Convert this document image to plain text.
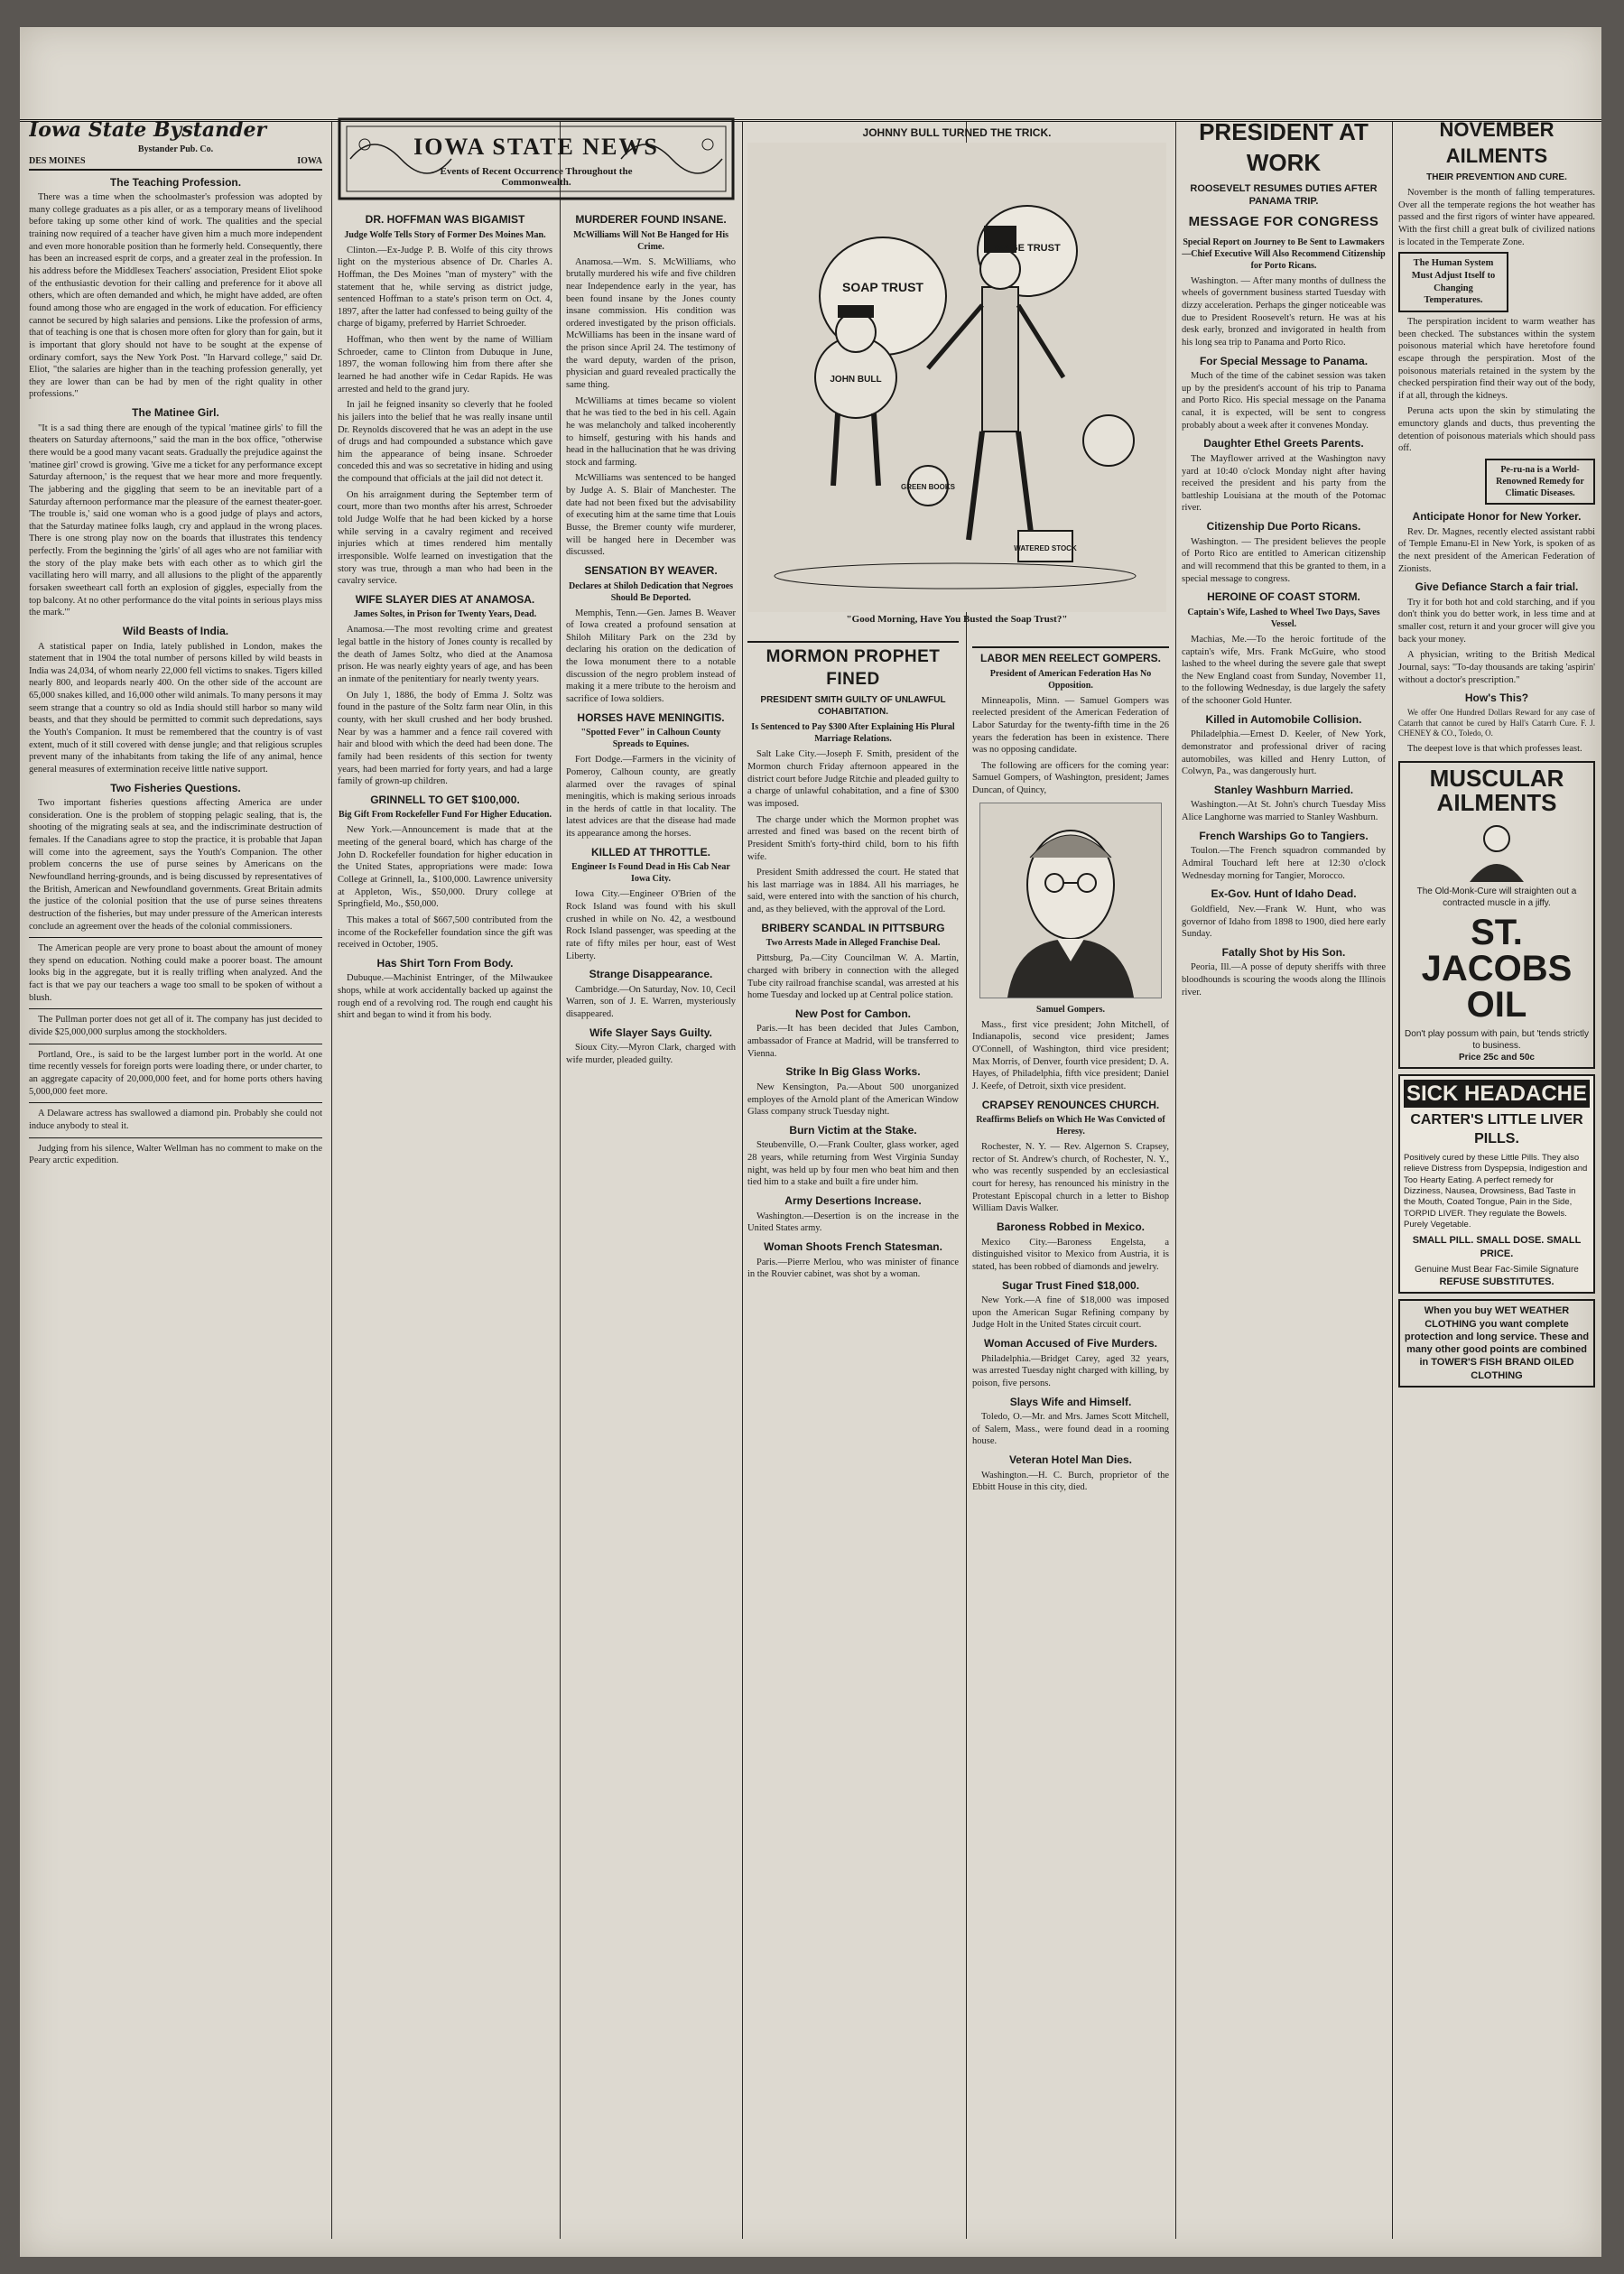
Iowa State Bystander
Bystander Pub. Co.
DES MOINES	IOWA
The Teaching Profession.

There was a time when the schoolmaster's profession was adopted by many college graduates as a pis aller, or as a temporary means of livelihood before taking up some other kind of work. The qualities and the special training now required of a teacher have given him a much more independent and even more honorable position than he formerly held. Consequently, there has been an increased esprit de corps, and a greater zeal in the profession. In his address before the Middlesex Teachers' association, President Eliot spoke of the enthusiastic devotion for their calling and preference for it above all others, which are often demanded and which, he might have added, are often found among those who are engaged in the work of education. For efficiency cannot be secured by high salaries and pensions. Like the profession of arms, that of teaching is one that is chosen more often for glory than for gain, but it is important that glory should not have to be sought at the expense of ordinary comfort, says the New York Post. "In Harvard college," said Dr. Eliot, "the salaries are higher than in the teaching profession generally, yet they are lower than can be had by men of the right quality in other professions."

The Matinee Girl.

"It is a sad thing there are enough of the typical 'matinee girls' to fill the theaters on Saturday afternoons," said the man in the box office, "otherwise there would be a good many vacant seats. Gradually the prejudice against the 'matinee girl' crowd is growing. 'Give me a ticket for any performance except Saturday afternoon,' is the request that we hear more and more frequently. The jabbering and the giggling that seem to be an inevitable part of a Saturday afternoon performance mar the pleasure of the earnest theater-goer. 'The trouble is,' said one woman who is a good judge of plays and actors, that the Saturday matinee folks laugh, cry and applaud in the wrong places. There is one strong play now on the boards that illustrates this tendency perfectly. From the beginning the 'girls' of all ages who are not familiar with the story of the play make bets with each other as to which girl the vacillating hero will marry, and all allusions to the plight of the apparently forsaken sweetheart call forth an explosion of giggles, especially from the top balcony. At no other performance do the vital points in serious plays miss the mark.'"

Wild Beasts of India.

A statistical paper on India, lately published in London, makes the statement that in 1904 the total number of persons killed by wild beasts in India was 24,034, of whom nearly 22,000 fell victims to snakes. Tigers killed nearly 800, and leopards nearly 400. On the other side of the account are 65,000 snakes killed, and 16,000 other wild animals. To many persons it may seem strange that a country so old as India should still harbor so many wild beasts, and that they should be permitted to commit such depredations, says the Youth's Companion. It must be remembered that the country is of vast extent, much of it still covered with dense jungle; and that religious scruples prevent many of the inhabitants from taking the life of any animal, hence general measures of extermination receive little native support.

Two Fisheries Questions.

Two important fisheries questions affecting America are under consideration. One is the problem of stopping pelagic sealing, that is, the shooting of the migrating seals at sea, and the indiscriminate destruction of females. If the Canadians agree to stop the practice, it is probable that Japan will come into the agreement, says the Youth's Companion. The other problem concerns the use of purse seines by Americans on the Newfoundland herring-grounds, and is being discussed by representatives of the British, American and Newfoundland governments. Great Britain admits the justice of the colonial position that the use of purse seines threatens destruction of the fisheries, but may under pressure of the American interests conclude an agreement over the heads of the colonial commissioners.

The American people are very prone to boast about the amount of money they spend on education. Nothing could make a poorer boast. The amount looks big in the aggregate, but it is really trifling when analyzed. And the fact is that we pay our teachers a wage too small to be spoken of without a blush.

The Pullman porter does not get all of it. The company has just decided to divide $25,000,000 surplus among the stockholders.

Portland, Ore., is said to be the largest lumber port in the world. At one time recently vessels for foreign ports were loading there, or under charter, to an aggregate capacity of 20,000,000 feet, and for home ports others having 5,000,000 feet more.

A Delaware actress has swallowed a diamond pin. Probably she could not induce anybody to steal it.

Judging from his silence, Walter Wellman has no comment to make on the Peary arctic expedition.

IOWA STATE NEWS
Events of Recent Occurrence Throughout the Commonwealth.
DR. HOFFMAN WAS BIGAMIST
Judge Wolfe Tells Story of Former Des Moines Man.

Clinton.—Ex-Judge P. B. Wolfe of this city throws light on the mysterious absence of Dr. Charles A. Hoffman, the Des Moines "man of mystery" with the statement that he, while serving as district judge, sentenced Hoffman to a state's prison term on Oct. 4, 1897, after the latter had confessed to being guilty of the charge of bigamy, preferred by Harriet Schroeder.

Hoffman, who then went by the name of William Schroeder, came to Clinton from Dubuque in June, 1897, the woman following him from there after she learned he had another wife in Cedar Rapids. He was arrested and held to the grand jury.

In jail he feigned insanity so cleverly that he fooled his jailers into the belief that he was really insane until Dr. Reynolds discovered that he was an adept in the use of drugs and had compounded a substance which gave him the appearance of being insane. Schroeder conceded this and was so secretative in hiding and using the compound that officials at the jail did not detect it.

On his arraignment during the September term of court, more than two months after his arrest, Schroeder told Judge Wolfe that he had been kicked by a horse while serving in a cavalry regiment and received injuries which at times rendered him mentally irresponsible. Wolfe learned on investigation that the story was true, through a man who had been in the cavalry service.

WIFE SLAYER DIES AT ANAMOSA.
James Soltes, in Prison for Twenty Years, Dead.

Anamosa.—The most revolting crime and greatest legal battle in the history of Jones county is recalled by the death of James Soltz, who died at the Anamosa prison. He was nearly eighty years of age, and has been an inmate of the penitentiary for nearly twenty years.

On July 1, 1886, the body of Emma J. Soltz was found in the pasture of the Soltz farm near Olin, in this county, with her skull crushed and her body brushed. Near by was a hammer and a fence rail covered with hair and blood with which the deed had been done. The family had been residents of this section for twenty years, had been married for forty years, and had a large family of grown-up children.

GRINNELL TO GET $100,000.
Big Gift From Rockefeller Fund For Higher Education.

New York.—Announcement is made that at the meeting of the general board, which has charge of the John D. Rockefeller foundation for higher education in the United States, appropriations were made: Iowa College at Grinnell, Ia., $100,000. Lawrence university at Appleton, Wis., $50,000. Drury college at Springfield, Mo., $50,000.

This makes a total of $667,500 contributed from the income of the Rockefeller foundation since the gift was received in October, 1905.

Has Shirt Torn From Body.

Dubuque.—Machinist Entringer, of the Milwaukee shops, while at work accidentally backed up against the rough end of a revolving rod. The rough end caught his shirt and began to wind it from his body.

MURDERER FOUND INSANE.
McWilliams Will Not Be Hanged for His Crime.

Anamosa.—Wm. S. McWilliams, who brutally murdered his wife and five children near Independence early in the year, has been found insane by the Jones county insane commission. His condition was ordered investigated by the prison officials. McWilliams has been in the insane ward of the prison since April 24. The testimony of the ward deputy, warden of the prison, physician and guard revealed practically the same thing.

McWilliams at times became so violent that he was tied to the bed in his cell. Again he was melancholy and talked incoherently to himself, gesturing with his hands and head in the hallucination that he was driving stock and farming.

McWilliams was sentenced to be hanged by Judge A. S. Blair of Manchester. The date had not been fixed but the advisability of executing him at the same time that Louis Busse, the Bremer county wife murderer, will be hanged here in December was discussed.

SENSATION BY WEAVER.
Declares at Shiloh Dedication that Negroes Should Be Deported.

Memphis, Tenn.—Gen. James B. Weaver of Iowa created a profound sensation at Shiloh Military Park on the 23d by declaring his oration on the dedication of the Iowa monument there to a notable discussion of the negro problem instead of making it a mere tribute to the heroism and sacrifice of Iowa soldiers.

HORSES HAVE MENINGITIS.
"Spotted Fever" in Calhoun County Spreads to Equines.

Fort Dodge.—Farmers in the vicinity of Pomeroy, Calhoun county, are greatly alarmed over the ravages of spinal meningitis, which is making serious inroads in the herds of cattle in that locality. The latest advices are that the disease had made its appearance among the horses.

KILLED AT THROTTLE.
Engineer Is Found Dead in His Cab Near Iowa City.

Iowa City.—Engineer O'Brien of the Rock Island was found with his skull crushed in while on No. 42, a westbound Rock Island passenger, was speeding at the rate of fifty miles per hour, east of West Liberty.

Strange Disappearance.

Cambridge.—On Saturday, Nov. 10, Cecil Warren, son of J. E. Warren, mysteriously disappeared.

Wife Slayer Says Guilty.

Sioux City.—Myron Clark, charged with wife murder, pleaded guilty.

JOHNNY BULL TURNED THE TRICK.
SOAP TRUST
WAGE TRUST
JOHN BULL
GREEN BOOKS
WATERED STOCK
"Good Morning, Have You Busted the Soap Trust?"
MORMON PROPHET FINED
PRESIDENT SMITH GUILTY OF UNLAWFUL COHABITATION.
Is Sentenced to Pay $300 After Explaining His Plural Marriage Relations.

Salt Lake City.—Joseph F. Smith, president of the Mormon church Friday afternoon appeared in the district court before Judge Ritchie and pleaded guilty to a charge of unlawful cohabitation, and a fine of $300 was imposed.

The charge under which the Mormon prophet was arrested and fined was based on the recent birth of President Smith's forty-third child, born to his fifth wife.

President Smith addressed the court. He stated that his last marriage was in 1884. All his marriages, he said, were entered into with the sanction of his church, and, as they believed, with the approval of the Lord.

BRIBERY SCANDAL IN PITTSBURG
Two Arrests Made in Alleged Franchise Deal.

Pittsburg, Pa.—City Councilman W. A. Martin, charged with bribery in connection with the alleged Tube city railroad franchise scandal, was arrested at his home Tuesday and locked up at Central police station.

New Post for Cambon.

Paris.—It has been decided that Jules Cambon, ambassador of France at Madrid, will be transferred to Vienna.

Strike In Big Glass Works.

New Kensington, Pa.—About 500 unorganized employes of the Arnold plant of the American Window Glass company struck Tuesday night.

Burn Victim at the Stake.

Steubenville, O.—Frank Coulter, glass worker, aged 28 years, while returning from West Virginia Sunday night, was held up by four men who beat him and then tied him to a stake and built a fire under him.

Army Desertions Increase.

Washington.—Desertion is on the increase in the United States army.

Woman Shoots French Statesman.

Paris.—Pierre Merlou, who was minister of finance in the Rouvier cabinet, was shot by a woman.

LABOR MEN REELECT GOMPERS.
President of American Federation Has No Opposition.

Minneapolis, Minn. — Samuel Gompers was reelected president of the American Federation of Labor Saturday for the twenty-fifth time in the 26 years the federation has been in existence. There was no opposing candidate.

The following are officers for the coming year: Samuel Gompers, of Washington, president; James Duncan, of Quincy,

Samuel Gompers.

Mass., first vice president; John Mitchell, of Indianapolis, second vice president; James O'Connell, of Washington, third vice president; Max Morris, of Denver, fourth vice president; D. A. Hayes, of Philadelphia, fifth vice president; Daniel J. Keefe, of Detroit, sixth vice president.

CRAPSEY RENOUNCES CHURCH.
Reaffirms Beliefs on Which He Was Convicted of Heresy.

Rochester, N. Y. — Rev. Algernon S. Crapsey, rector of St. Andrew's church, of Rochester, N. Y., who was recently suspended by an ecclesiastical court for heresy, has renounced his ministry in the Protestant Episcopal church in a letter to Bishop William Davis Walker.

Baroness Robbed in Mexico.

Mexico City.—Baroness Engelsta, a distinguished visitor to Mexico from Austria, it is stated, has been robbed of diamonds and jewelry.

Sugar Trust Fined $18,000.

New York.—A fine of $18,000 was imposed upon the American Sugar Refining company by Judge Holt in the United States circuit court.

Woman Accused of Five Murders.

Philadelphia.—Bridget Carey, aged 32 years, was arrested Tuesday night charged with killing, by poison, five persons.

Slays Wife and Himself.

Toledo, O.—Mr. and Mrs. James Scott Mitchell, of Salem, Mass., were found dead in a rooming house.

Veteran Hotel Man Dies.

Washington.—H. C. Burch, proprietor of the Ebbitt House in this city, died.

PRESIDENT AT WORK
ROOSEVELT RESUMES DUTIES AFTER PANAMA TRIP.
MESSAGE FOR CONGRESS
Special Report on Journey to Be Sent to Lawmakers—Chief Executive Will Also Recommend Citizenship for Porto Ricans.

Washington. — After many months of dullness the wheels of government business started Tuesday with dizzy acceleration. Perhaps the ginger noticeable was due to President Roosevelt's return. He was at his desk early, bronzed and invigorated in health from his long sea trip to Panama and Porto Rico.

For Special Message to Panama.

Much of the time of the cabinet session was taken up by the president's account of his trip to Panama and Porto Rico. His special message on the Panama canal, it is expected, will be sent to congress probably about a week after it convenes Monday.

Daughter Ethel Greets Parents.

The Mayflower arrived at the Washington navy yard at 10:40 o'clock Monday night after having received the president and his party from the battleship Louisiana at the mouth of the Potomac river.

Citizenship Due Porto Ricans.

Washington. — The president believes the people of Porto Rico are entitled to American citizenship and will recommend that this be granted to them, in a special message to congress.

HEROINE OF COAST STORM.
Captain's Wife, Lashed to Wheel Two Days, Saves Vessel.

Machias, Me.—To the heroic fortitude of the captain's wife, Mrs. Frank McGuire, who stood lashed to the wheel during the severe gale that swept the New England coast from Sunday, November 11, to the following Wednesday, is due largely the safety of the schooner Gold Hunter.

Killed in Automobile Collision.

Philadelphia.—Ernest D. Keeler, of New York, demonstrator and professional driver of racing automobiles, was killed and Henry Lutton, of Colwyn, Pa., was dangerously hurt.

Stanley Washburn Married.

Washington.—At St. John's church Tuesday Miss Alice Langhorne was married to Stanley Washburn.

French Warships Go to Tangiers.

Toulon.—The French squadron commanded by Admiral Touchard left here at 12:30 o'clock Wednesday morning for Tangier, Morocco.

Ex-Gov. Hunt of Idaho Dead.

Goldfield, Nev.—Frank W. Hunt, who was governor of Idaho from 1898 to 1900, died here early Sunday.

Fatally Shot by His Son.

Peoria, Ill.—A posse of deputy sheriffs with three bloodhounds is scouring the woods along the Illinois river.

NOVEMBER AILMENTS
THEIR PREVENTION AND CURE.

November is the month of falling temperatures. Over all the temperate regions the hot weather has passed and the first rigors of winter have appeared. With the first chill a great bulk of civilized nations is located in the Temperate Zone.

The Human System Must Adjust Itself to Changing Temperatures.

The perspiration incident to warm weather has been checked. The substances within the system poisonous material which have heretofore found escape through the perspiration. Most of the poisonous materials retained in the system by the checked perspiration find their way out of the body, if at all, through the kidneys.

Peruna acts upon the skin by stimulating the emunctory glands and ducts, thus preventing the detention of poisonous materials which should pass off.

Pe-ru-na is a World-Renowned Remedy for Climatic Diseases.
Anticipate Honor for New Yorker.

Rev. Dr. Magnes, recently elected assistant rabbi of Temple Emanu-El in New York, is spoken of as the next president of the American Federation of Zionists.

Give Defiance Starch a fair trial.

Try it for both hot and cold starching, and if you don't think you do better work, in less time and at smaller cost, return it and your grocer will give you back your money.

A physician, writing to the British Medical Journal, says: "To-day thousands are taking 'aspirin' without a doctor's prescription."

How's This?

We offer One Hundred Dollars Reward for any case of Catarrh that cannot be cured by Hall's Catarrh Cure. F. J. CHENEY & CO., Toledo, O.

The deepest love is that which professes least.

MUSCULAR AILMENTS
The Old-Monk-Cure will straighten out a contracted muscle in a jiffy.
ST. JACOBS OIL
Don't play possum with pain, but 'tends strictly to business.
Price 25c and 50c
SICK HEADACHE
CARTER'S LITTLE LIVER PILLS.
Positively cured by these Little Pills. They also relieve Distress from Dyspepsia, Indigestion and Too Hearty Eating. A perfect remedy for Dizziness, Nausea, Drowsiness, Bad Taste in the Mouth, Coated Tongue, Pain in the Side, TORPID LIVER. They regulate the Bowels. Purely Vegetable.
SMALL PILL. SMALL DOSE. SMALL PRICE.
Genuine Must Bear Fac-Simile Signature
REFUSE SUBSTITUTES.
When you buy WET WEATHER CLOTHING you want complete protection and long service. These and many other good points are combined in TOWER'S FISH BRAND OILED CLOTHING
